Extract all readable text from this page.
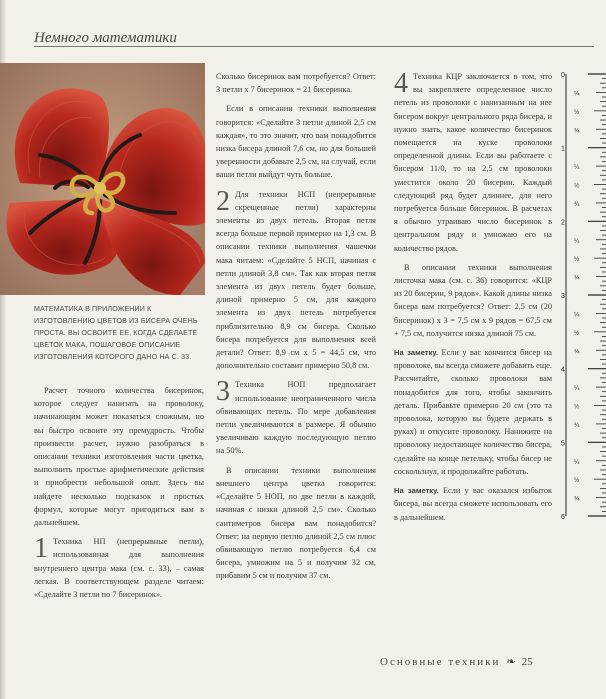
Немного математики
МАТЕМАТИКА В ПРИЛОЖЕНИИ К ИЗГОТОВЛЕНИЮ ЦВЕТОВ ИЗ БИСЕРА ОЧЕНЬ ПРОСТА. ВЫ ОСВОИТЕ ЕЕ, КОГДА СДЕЛАЕТЕ ЦВЕТОК МАКА, ПОШАГОВОЕ ОПИСАНИЕ ИЗГОТОВЛЕНИЯ КОТОРОГО ДАНО НА С. 33.

Расчет точного количества бисеринок, которое следует нанизать на проволоку, начинающим может показаться сложным, но вы быстро освоите эту премудрость. Чтобы произвести расчет, нужно разобраться в описании техники изготовления части цветка, выполнить простые арифметические действия и приобрести небольшой опыт. Здесь вы найдете несколько подсказок и простых формул, которые могут пригодиться вам в дальнейшем.

1 Техника НП (непрерывные петли), использованная для выполнения внутреннего центра мака (см. с. 33), – самая легкая. В соответствующем разделе читаем: «Сделайте 3 петли по 7 бисеринок».

Сколько бисеринок вам потребуется? Ответ: 3 петли х 7 бисеринок = 21 бисеринка.

Если в описании техники выполнения говорится: «Сделайте 3 петли длиной 2,5 см каждая», то это значит, что вам понадобится низка бисера длиной 7,6 см, но для большей уверенности добавьте 2,5 см, на случай, если ваши петли выйдут чуть больше.

2 Для техники НСП (непрерывные скрещенные петли) характерны элементы из двух петель. Вторая петля всегда больше первой примерно на 1,3 см. В описании техники выполнения чашечки мака читаем: «Сделайте 5 НСП, начиная с петли длиной 3,8 см». Так как вторая петля элемента из двух петель будет больше, длиной примерно 5 см, для каждого элемента из двух петель потребуется приблизительно 8,9 см бисера. Сколько бисера потребуется для выполнения всей детали? Ответ: 8,9 см х 5 = 44,5 см, что дополнительно составит примерно 50,8 см.

3 Техника НОП предполагает использование неограниченного числа обвивающих петель. По мере добавления петли увеличиваются в размере. Я обычно увеличиваю каждую последующую петлю на 50%.

В описании техники выполнения внешнего центра цветка говорится: «Сделайте 5 НОП, по две петли в каждой, начиная с низки длиной 2,5 см». Сколько сантиметров бисера вам понадобится? Ответ: на первую петлю длиной 2,5 см плюс обвивающую петлю потребуется 6,4 см бисера, умножим на 5 и получим 32 см, прибавим 5 см и получим 37 см.

4 Техника КЦР заключается в том, что вы закрепляете определенное число петель из проволоки с нанизанным на нее бисером вокруг центрального ряда бисера, и нужно знать, какое количество бисеринок помещается на куске проволоки определенной длины. Если вы работаете с бисером 11/0, то на 2,5 см проволоки уместится около 20 бисерин. Каждый следующий ряд будет длиннее, для него потребуется больше бисеринок. В расчетах я обычно утраиваю число бисеринок в центральном ряду и умножаю его на количество рядов.

В описании техники выполнения листочка мака (см. с. 36) говорится: «КЦР из 20 бисерин, 9 рядов». Какой длины низка бисера вам потребуется? Ответ: 2,5 см (20 бисеринок) х 3 = 7,5 см х 9 рядов = 67,5 см + 7,5 см, получится низка длиной 75 см.

На заметку. Если у вас кончится бисер на проволоке, вы всегда сможете добавить еще. Рассчитайте, сколько проволоки вам понадобится для того, чтобы закончить деталь. Прибавьте примерно 20 см (это та проволока, которую вы будете держать в руках) и откусите проволоку. Нанижите на проволоку недостающее количество бисера, сделайте на конце петельку, чтобы бисер не соскользнул, и продолжайте работать.

На заметку. Если у вас оказался избыток бисера, вы всегда сможете использовать его в дальнейшем.

0
¼
½
¾
1
¼
½
¾
2
¼
½
¾
3
¼
½
¾
4
¼
½
¾
5
¼
½
¾
6
Основные техники ❧ 25
